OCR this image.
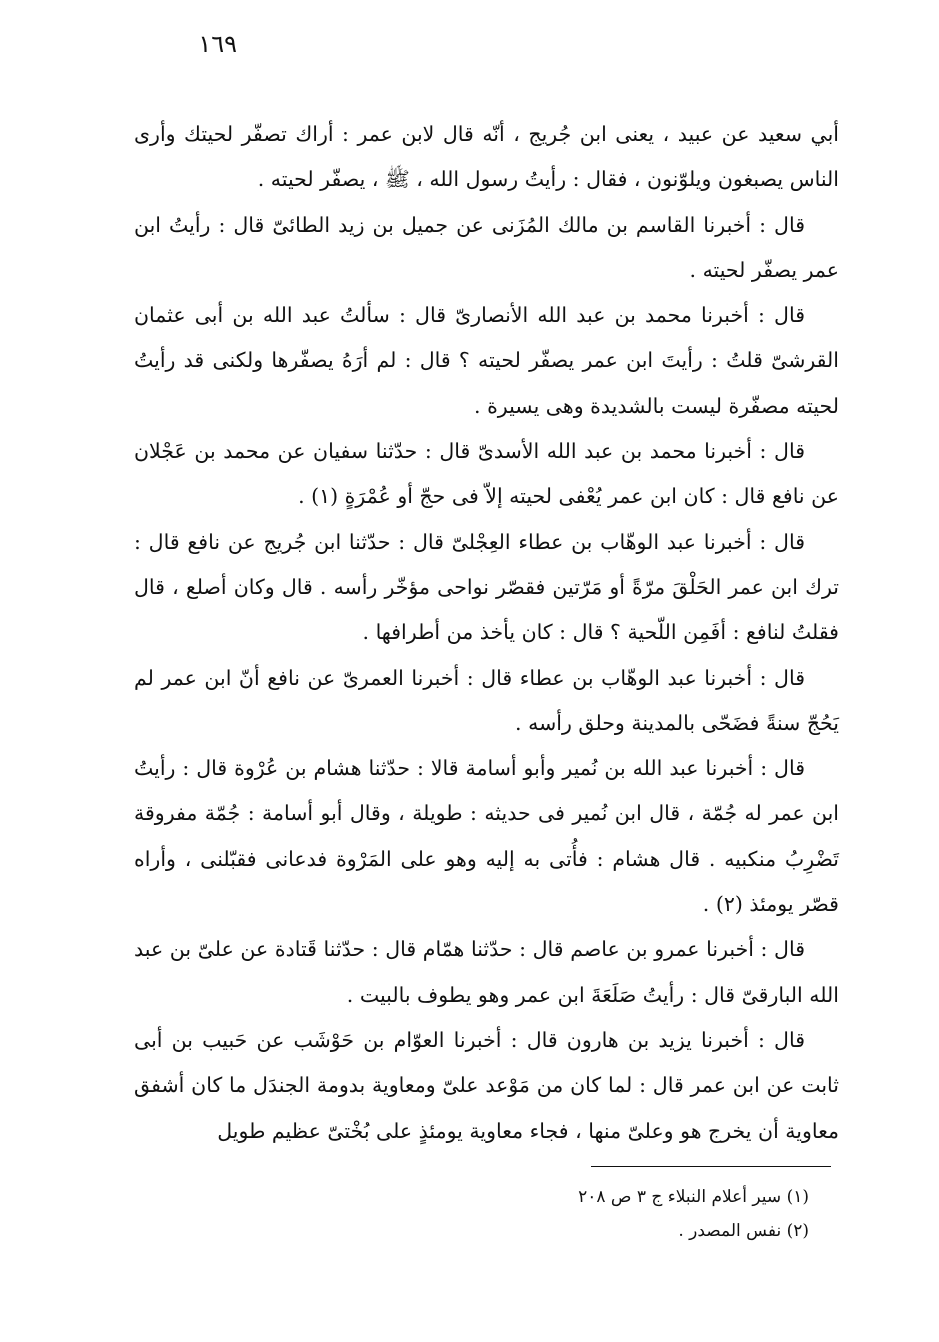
١٦٩

أبي سعيد عن عبيد ، يعنى ابن جُريج ، أنّه قال لابن عمر : أراك تصفّر لحيتك وأرى الناس يصبغون ويلوّنون ، فقال : رأيتُ رسول الله ، ﷺ ، يصفّر لحيته .

قال : أخبرنا القاسم بن مالك المُزَنى عن جميل بن زيد الطائىّ قال : رأيتُ ابن عمر يصفّر لحيته .

قال : أخبرنا محمد بن عبد الله الأنصارىّ قال : سألتُ عبد الله بن أبى عثمان القرشىّ قلتُ : رأيتَ ابن عمر يصفّر لحيته ؟ قال : لم أرَهُ يصفّرها ولكنى قد رأيتُ لحيته مصفّرة ليست بالشديدة وهى يسيرة .

قال : أخبرنا محمد بن عبد الله الأسدىّ قال : حدّثنا سفيان عن محمد بن عَجْلان عن نافع قال : كان ابن عمر يُعْفى لحيته إلاّ فى حجّ أو عُمْرَةٍ (١) .

قال : أخبرنا عبد الوهّاب بن عطاء العِجْلىّ قال : حدّثنا ابن جُريج عن نافع قال : ترك ابن عمر الحَلْقَ مرّةً أو مَرّتين فقصّر نواحى مؤخّر رأسه . قال وكان أصلع ، قال فقلتُ لنافع : أفَمِن اللّحية ؟ قال : كان يأخذ من أطرافها .

قال : أخبرنا عبد الوهّاب بن عطاء قال : أخبرنا العمرىّ عن نافع أنّ ابن عمر لم يَحُجّ سنةً فضَحّى بالمدينة وحلق رأسه .

قال : أخبرنا عبد الله بن نُمير وأبو أسامة قالا : حدّثنا هشام بن عُرْوة قال : رأيتُ ابن عمر له جُمّة ، قال ابن نُمير فى حديثه : طويلة ، وقال أبو أسامة : جُمّة مفروقة تَضْرِبُ منكبيه . قال هشام : فأُتى به إليه وهو على المَرْوة فدعانى فقبّلنى ، وأراه قصّر يومئذ (٢) .

قال : أخبرنا عمرو بن عاصم قال : حدّثنا همّام قال : حدّثنا قَتادة عن علىّ بن عبد الله البارقىّ قال : رأيتُ صَلَعَةَ ابن عمر وهو يطوف بالبيت .

قال : أخبرنا يزيد بن هارون قال : أخبرنا العوّام بن حَوْشَب عن حَبيب بن أبى ثابت عن ابن عمر قال : لما كان من مَوْعد علىّ ومعاوية بدومة الجندَل ما كان أشفق معاوية أن يخرج هو وعلىّ منها ، فجاء معاوية يومئذٍ على بُخْتىّ عظيم طويل

(١) سير أعلام النبلاء ج ٣ ص ٢٠٨

(٢) نفس المصدر .
